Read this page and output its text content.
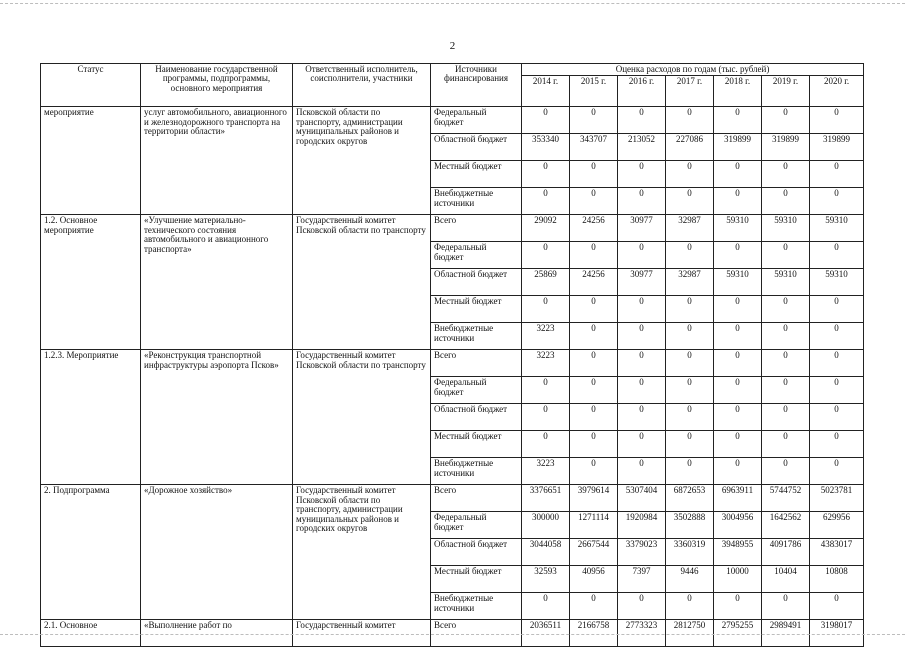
2
Статус	Наименование государственной программы, подпрограммы, основного мероприятия	Ответственный исполнитель, соисполнители, участники	Источники финансирования	Оценка расходов по годам (тыс. рублей)						
				2014 г.	2015 г.	2016 г.	2017 г.	2018 г.	2019 г.	2020 г.
мероприятие	услуг автомобильного, авиационного и железнодорожного транспорта на территории области»	Псковской области по транспорту, администрации муниципальных районов и городских округов	Федеральный бюджет	0	0	0	0	0	0	0
			Областной бюджет	353340	343707	213052	227086	319899	319899	319899
			Местный бюджет	0	0	0	0	0	0	0
			Внебюджетные источники	0	0	0	0	0	0	0
1.2. Основное мероприятие	«Улучшение материально-технического состояния автомобильного и авиационного транспорта»	Государственный комитет Псковской области по транспорту	Всего	29092	24256	30977	32987	59310	59310	59310
			Федеральный бюджет	0	0	0	0	0	0	0
			Областной бюджет	25869	24256	30977	32987	59310	59310	59310
			Местный бюджет	0	0	0	0	0	0	0
			Внебюджетные источники	3223	0	0	0	0	0	0
1.2.3. Мероприятие	«Реконструкция транспортной инфраструктуры аэропорта Псков»	Государственный комитет Псковской области по транспорту	Всего	3223	0	0	0	0	0	0
			Федеральный бюджет	0	0	0	0	0	0	0
			Областной бюджет	0	0	0	0	0	0	0
			Местный бюджет	0	0	0	0	0	0	0
			Внебюджетные источники	3223	0	0	0	0	0	0
2. Подпрограмма	«Дорожное хозяйство»	Государственный комитет Псковской области по транспорту, администрации муниципальных районов и городских округов	Всего	3376651	3979614	5307404	6872653	6963911	5744752	5023781
			Федеральный бюджет	300000	1271114	1920984	3502888	3004956	1642562	629956
			Областной бюджет	3044058	2667544	3379023	3360319	3948955	4091786	4383017
			Местный бюджет	32593	40956	7397	9446	10000	10404	10808
			Внебюджетные источники	0	0	0	0	0	0	0
2.1. Основное	«Выполнение работ по	Государственный комитет	Всего	2036511	2166758	2773323	2812750	2795255	2989491	3198017
